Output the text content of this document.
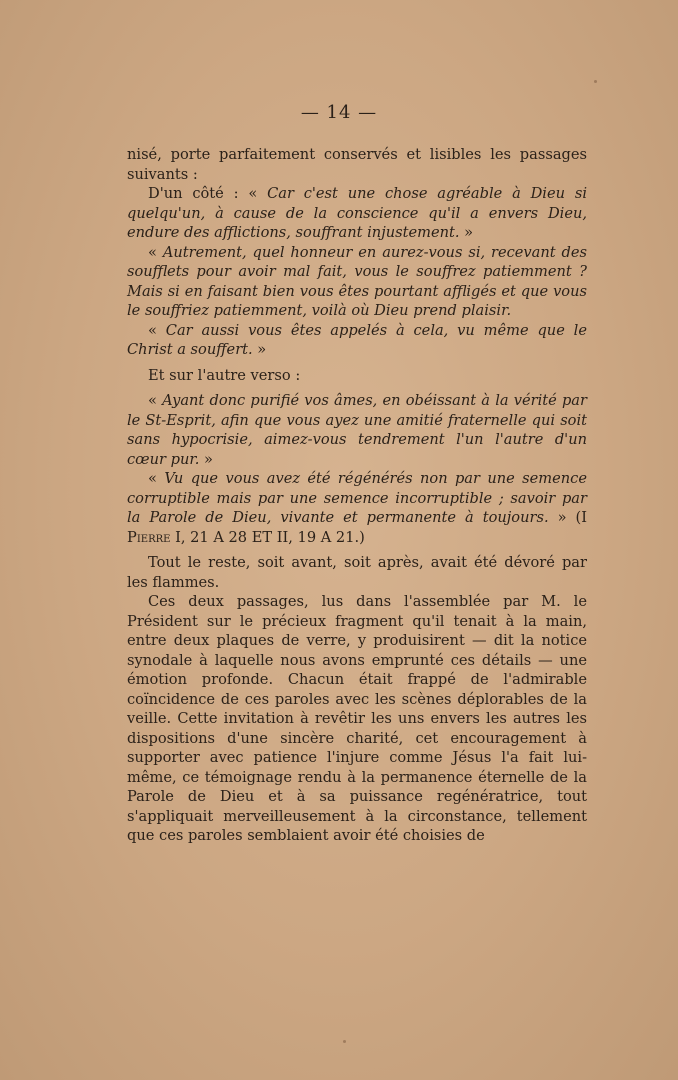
— 14 —

nisé, porte parfaitement conservés et lisibles les passages suivants :

D'un côté : « Car c'est une chose agréable à Dieu si quelqu'un, à cause de la conscience qu'il a envers Dieu, endure des afflictions, souffrant injustement. »

« Autrement, quel honneur en aurez-vous si, recevant des soufflets pour avoir mal fait, vous le souffrez patiemment ? Mais si en faisant bien vous êtes pourtant affligés et que vous le souffriez patiemment, voilà où Dieu prend plaisir.

« Car aussi vous êtes appelés à cela, vu même que le Christ a souffert. »

Et sur l'autre verso :

« Ayant donc purifié vos âmes, en obéissant à la vérité par le St-Esprit, afin que vous ayez une amitié fraternelle qui soit sans hypocrisie, aimez-vous tendrement l'un l'autre d'un cœur pur. »

« Vu que vous avez été régénérés non par une semence corruptible mais par une semence incorruptible ; savoir par la Parole de Dieu, vivante et permanente à toujours. » (I Pierre I, 21 A 28 ET II, 19 A 21.)

Tout le reste, soit avant, soit après, avait été dévoré par les flammes.

Ces deux passages, lus dans l'assemblée par M. le Président sur le précieux fragment qu'il tenait à la main, entre deux plaques de verre, y produisirent — dit la notice synodale à laquelle nous avons emprunté ces détails — une émotion profonde. Chacun était frappé de l'admirable coïncidence de ces paroles avec les scènes déplorables de la veille. Cette invitation à revêtir les uns envers les autres les dispositions d'une sincère charité, cet encouragement à supporter avec patience l'injure comme Jésus l'a fait lui-même, ce témoignage rendu à la permanence éternelle de la Parole de Dieu et à sa puissance regénératrice, tout s'appliquait merveilleusement à la circonstance, tellement que ces paroles semblaient avoir été choisies de
